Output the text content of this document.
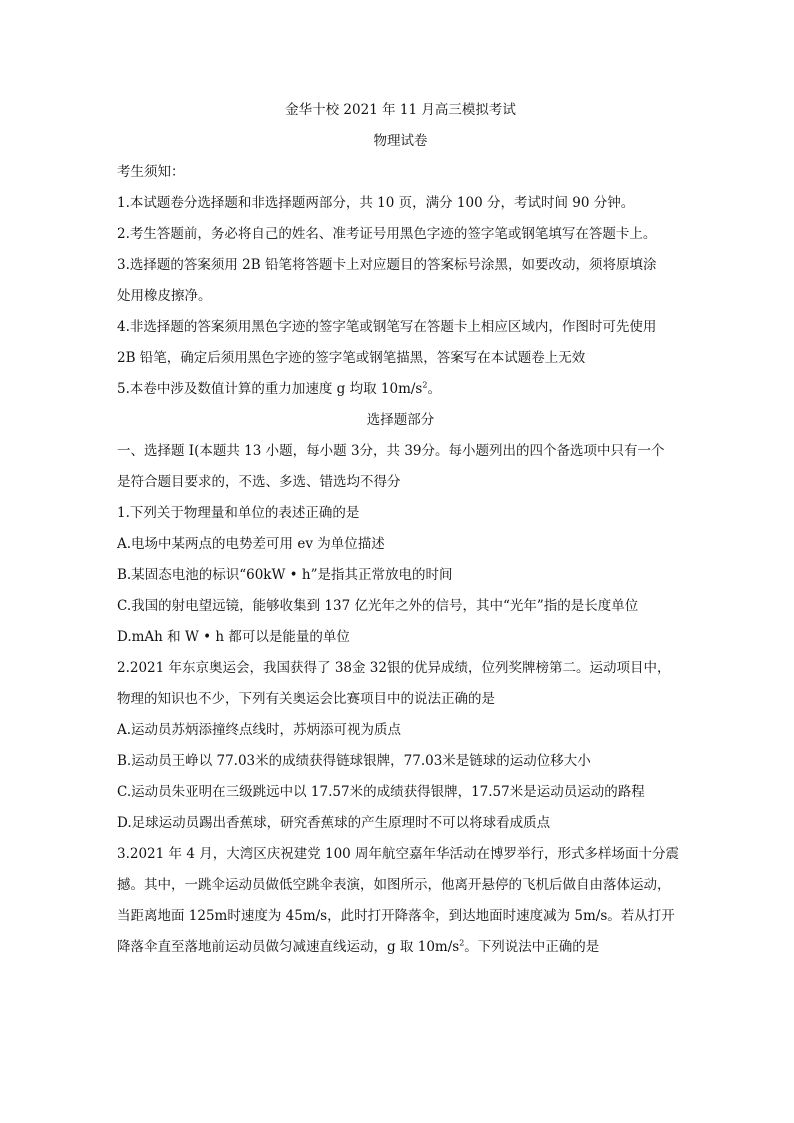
金华十校 2021 年 11 月高三模拟考试

物理试卷

考生须知：

1.本试题卷分选择题和非选择题两部分，共 10 页，满分 100 分，考试时间 90 分钟。

2.考生答题前，务必将自己的姓名、准考证号用黑色字迹的签字笔或钢笔填写在答题卡上。

3.选择题的答案须用 2B 铅笔将答题卡上对应题目的答案标号涂黑，如要改动，须将原填涂

处用橡皮擦净。

4.非选择题的答案须用黑色字迹的签字笔或钢笔写在答题卡上相应区域内，作图时可先使用

2B 铅笔，确定后须用黑色字迹的签字笔或钢笔描黑，答案写在本试题卷上无效

5.本卷中涉及数值计算的重力加速度 g 均取 $10m/s^2$。

选择题部分

一、选择题 I(本题共 13 小题，每小题 3分，共 39分。每小题列出的四个备选项中只有一个

是符合题目要求的，不选、多选、错选均不得分

1.下列关于物理量和单位的表述正确的是

A.电场中某两点的电势差可用 ev 为单位描述

B.某固态电池的标识“60kW • h”是指其正常放电的时间

C.我国的射电望远镜，能够收集到 137 亿光年之外的信号，其中“光年”指的是长度单位

D.mAh 和 W • h 都可以是能量的单位

2.2021 年东京奥运会，我国获得了 38金 32银的优异成绩，位列奖牌榜第二。运动项目中，

物理的知识也不少，下列有关奥运会比赛项目中的说法正确的是

A.运动员苏炳添撞终点线时，苏炳添可视为质点

B.运动员王峥以 77.03米的成绩获得链球银牌，77.03米是链球的运动位移大小

C.运动员朱亚明在三级跳远中以 17.57米的成绩获得银牌，17.57米是运动员运动的路程

D.足球运动员踢出香蕉球，研究香蕉球的产生原理时不可以将球看成质点

3.2021 年 4 月，大湾区庆祝建党 100 周年航空嘉年华活动在博罗举行，形式多样场面十分震

撼。其中，一跳伞运动员做低空跳伞表演，如图所示，他离开悬停的飞机后做自由落体运动，

当距离地面 125m时速度为 45m/s，此时打开降落伞，到达地面时速度减为 5m/s。若从打开

降落伞直至落地前运动员做匀减速直线运动，g 取 $10m/s^2$。下列说法中正确的是
